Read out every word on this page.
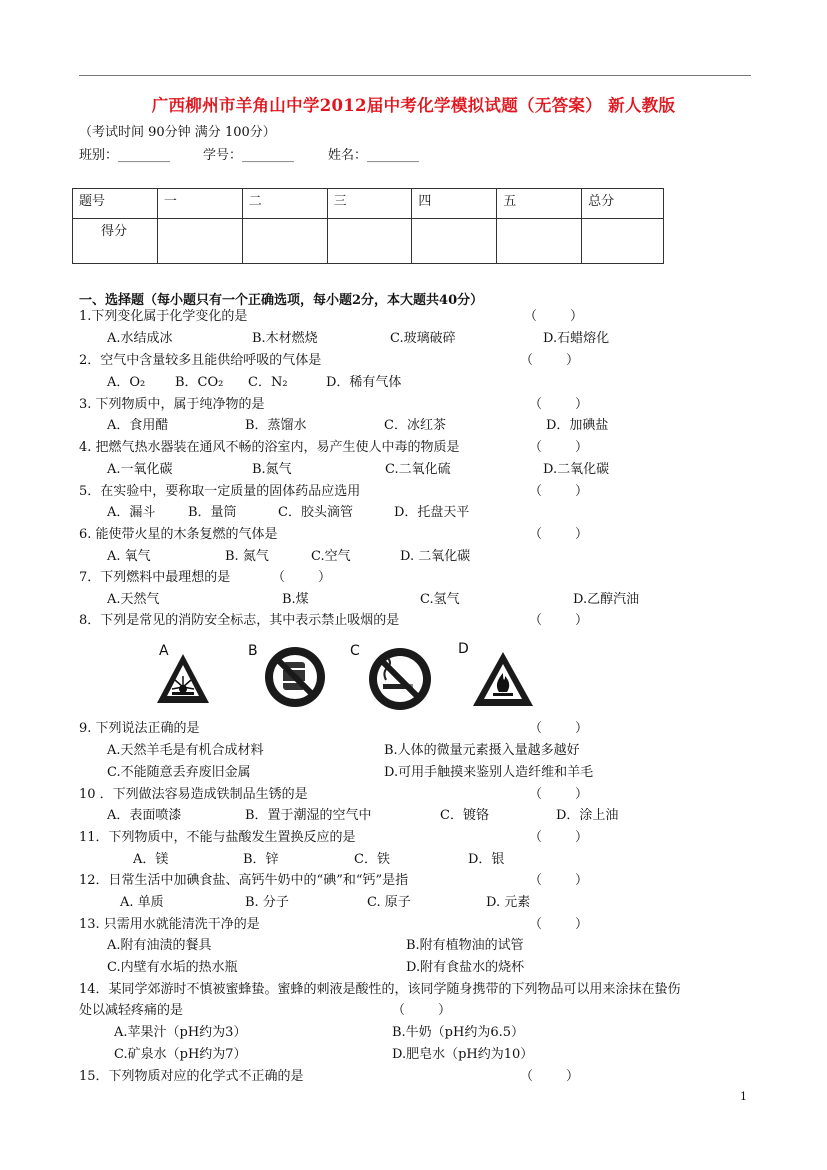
广西柳州市羊角山中学2012届中考化学模拟试题（无答案） 新人教版
（考试时间 90分钟 满分 100分）
班别：________	学号：________	姓名：________
题号	一	二	三	四	五	总分
得分						
一、选择题（每小题只有一个正确选项，每小题2分，本大题共40分）
1.下列变化属于化学变化的是	（        ）
A.水结成冰	B.木材燃烧	C.玻璃破碎	D.石蜡熔化
2．空气中含量较多且能供给呼吸的气体是	（        ）
A．O₂ B．CO₂ C．N₂	D．稀有气体
3. 下列物质中，属于纯净物的是	（        ）
A．食用醋	B．蒸馏水	C．冰红茶	D．加碘盐
4. 把燃气热水器装在通风不畅的浴室内，易产生使人中毒的物质是	（        ）
A.一氧化碳	B.氮气	C.二氧化硫	D.二氧化碳
5．在实验中，要称取一定质量的固体药品应选用	（        ）
A．漏斗	B．量筒	C．胶头滴管	D．托盘天平
6. 能使带火星的木条复燃的气体是	（        ）
A. 氧气	B. 氮气	C.空气	D. 二氧化碳
7．下列燃料中最理想的是	（        ）
A.天然气	B.煤	C.氢气	D.乙醇汽油
8．下列是常见的消防安全标志，其中表示禁止吸烟的是	（        ）
A	B	C	D
9. 下列说法正确的是	（        ）
A.天然羊毛是有机合成材料	B.人体的微量元素摄入量越多越好
C.不能随意丢弃废旧金属	D.可用手触摸来鉴别人造纤维和羊毛
10 ．下列做法容易造成铁制品生锈的是	（        ）
A．表面喷漆	B．置于潮湿的空气中	C．镀铬	D．涂上油
11．下列物质中，不能与盐酸发生置换反应的是	（        ）
A．镁	B．锌	C．铁	D．银
12．日常生活中加碘食盐、高钙牛奶中的“碘”和“钙”是指	（        ）
A. 单质	B. 分子	C. 原子	D. 元素
13. 只需用水就能清洗干净的是	（        ）
A.附有油渍的餐具	B.附有植物油的试管
C.内壁有水垢的热水瓶	D.附有食盐水的烧杯
14．某同学郊游时不慎被蜜蜂蛰。蜜蜂的刺液是酸性的，该同学随身携带的下列物品可以用来涂抹在蛰伤
处以减轻疼痛的是	（        ）
A.苹果汁（pH约为3）	B.牛奶（pH约为6.5）
C.矿泉水（pH约为7）	D.肥皂水（pH约为10）
15．下列物质对应的化学式不正确的是	（        ）
1
